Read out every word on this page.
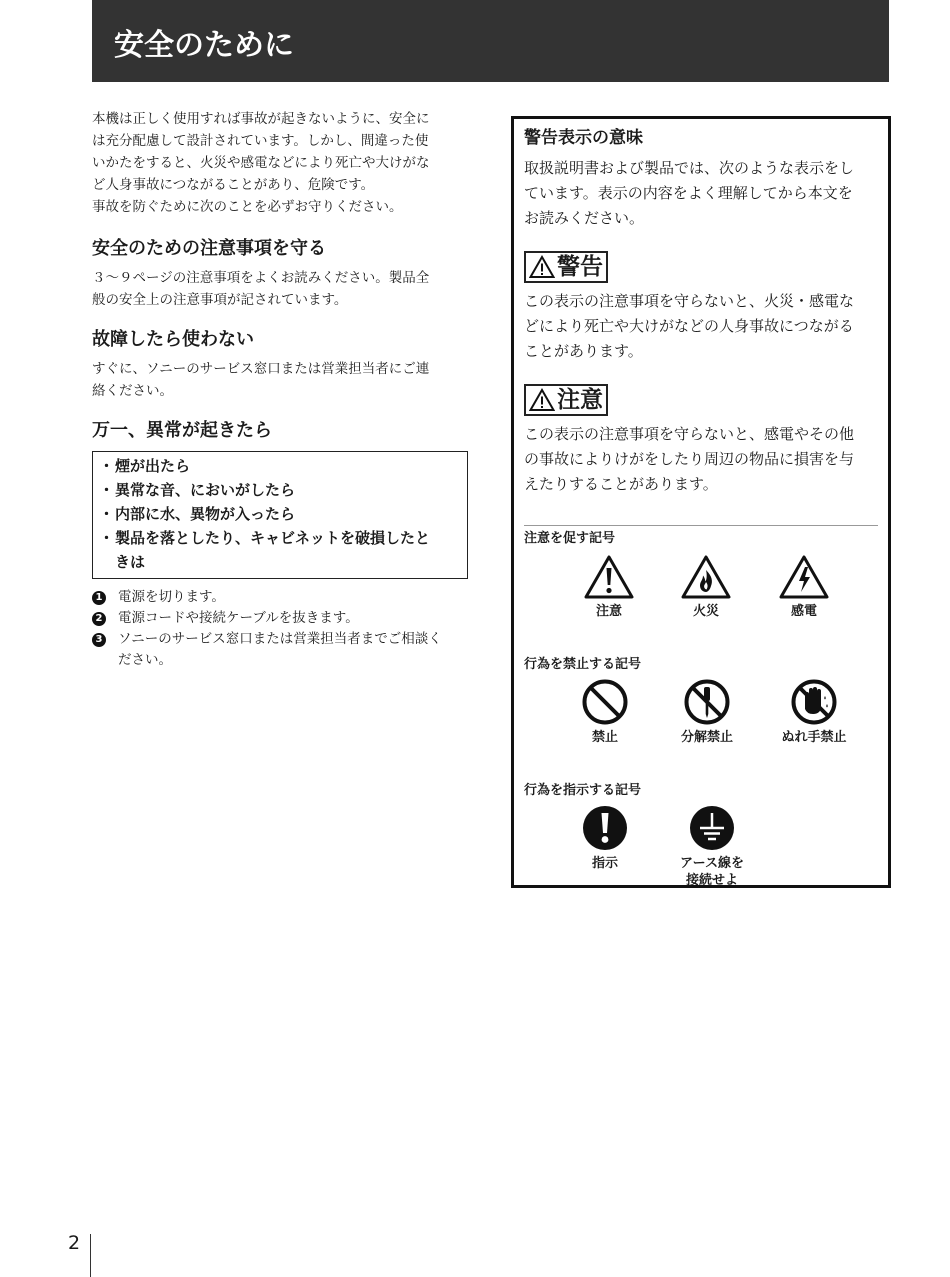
安全のために

本機は正しく使用すれば事故が起きないように、安全に

は充分配慮して設計されています。しかし、間違った使

いかたをすると、火災や感電などにより死亡や大けがな

ど人身事故につながることがあり、危険です。

事故を防ぐために次のことを必ずお守りください。

安全のための注意事項を守る
３～９ページの注意事項をよくお読みください。製品全
般の安全上の注意事項が記されています。
故障したら使わない
すぐに、ソニーのサービス窓口または営業担当者にご連
絡ください。
万一、異常が起きたら
・ 煙が出たら
・ 異常な音、においがしたら
・ 内部に水、異物が入ったら
・ 製品を落としたり、キャビネットを破損したと
きは
1	電源を切ります。
2	電源コードや接続ケーブルを抜きます。
3	ソニーのサービス窓口または営業担当者までご相談く
ださい。
警告表示の意味

取扱説明書および製品では、次のような表示をし

ています。表示の内容をよく理解してから本文を

お読みください。

警告

この表示の注意事項を守らないと、火災・感電な

どにより死亡や大けがなどの人身事故につながる

ことがあります。

注意

この表示の注意事項を守らないと、感電やその他

の事故によりけがをしたり周辺の物品に損害を与

えたりすることがあります。

注意を促す記号
注意	火災	感電
行為を禁止する記号
禁止	分解禁止	ぬれ手禁止
行為を指示する記号
指示	アース線を
接続せよ
2
